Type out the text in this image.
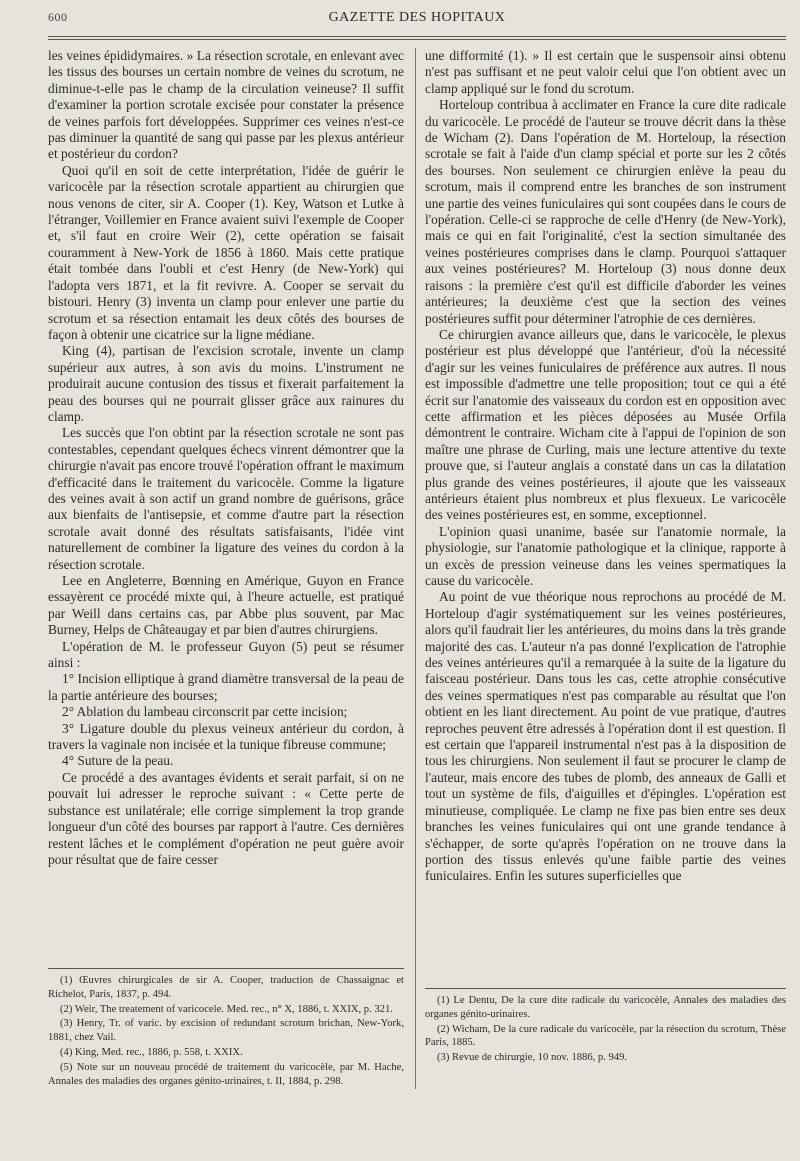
600	GAZETTE DES HOPITAUX

les veines épididymaires. » La résection scrotale, en enlevant avec les tissus des bourses un certain nombre de veines du scrotum, ne diminue-t-elle pas le champ de la circulation veineuse? Il suffit d'examiner la portion scrotale excisée pour constater la présence de veines parfois fort développées. Supprimer ces veines n'est-ce pas diminuer la quantité de sang qui passe par les plexus antérieur et postérieur du cordon?

Quoi qu'il en soit de cette interprétation, l'idée de guérir le varicocèle par la résection scrotale appartient au chirurgien que nous venons de citer, sir A. Cooper (1). Key, Watson et Lutke à l'étranger, Voillemier en France avaient suivi l'exemple de Cooper et, s'il faut en croire Weir (2), cette opération se faisait couramment à New-York de 1856 à 1860. Mais cette pratique était tombée dans l'oubli et c'est Henry (de New-York) qui l'adopta vers 1871, et la fit revivre. A. Cooper se servait du bistouri. Henry (3) inventa un clamp pour enlever une partie du scrotum et sa résection entamait les deux côtés des bourses de façon à obtenir une cicatrice sur la ligne médiane.

King (4), partisan de l'excision scrotale, invente un clamp supérieur aux autres, à son avis du moins. L'instrument ne produirait aucune contusion des tissus et fixerait parfaitement la peau des bourses qui ne pourrait glisser grâce aux rainures du clamp.

Les succès que l'on obtint par la résection scrotale ne sont pas contestables, cependant quelques échecs vinrent démontrer que la chirurgie n'avait pas encore trouvé l'opération offrant le maximum d'efficacité dans le traitement du varicocèle. Comme la ligature des veines avait à son actif un grand nombre de guérisons, grâce aux bienfaits de l'antisepsie, et comme d'autre part la résection scrotale avait donné des résultats satisfaisants, l'idée vint naturellement de combiner la ligature des veines du cordon à la résection scrotale.

Lee en Angleterre, Bœnning en Amérique, Guyon en France essayèrent ce procédé mixte qui, à l'heure actuelle, est pratiqué par Weill dans certains cas, par Abbe plus souvent, par Mac Burney, Helps de Châteaugay et par bien d'autres chirurgiens.

L'opération de M. le professeur Guyon (5) peut se résumer ainsi :

1° Incision elliptique à grand diamètre transversal de la peau de la partie antérieure des bourses;

2° Ablation du lambeau circonscrit par cette incision;

3° Ligature double du plexus veineux antérieur du cordon, à travers la vaginale non incisée et la tunique fibreuse commune;

4° Suture de la peau.

Ce procédé a des avantages évidents et serait parfait, si on ne pouvait lui adresser le reproche suivant : « Cette perte de substance est unilatérale; elle corrige simplement la trop grande longueur d'un côté des bourses par rapport à l'autre. Ces dernières restent lâches et le complément d'opération ne peut guère avoir pour résultat que de faire cesser

(1) Œuvres chirurgicales de sir A. Cooper, traduction de Chassaignac et Richelot, Paris, 1837, p. 494.
(2) Weir, The treatement of varicocele. Med. rec., n° X, 1886, t. XXIX, p. 321.
(3) Henry, Tr. of varic. by excision of redundant scrotum brichan, New-York, 1881, chez Vail.
(4) King, Med. rec., 1886, p. 558, t. XXIX.
(5) Note sur un nouveau procédé de traitement du varicocèle, par M. Hache, Annales des maladies des organes génito-urinaires, t. II, 1884, p. 298.

une difformité (1). » Il est certain que le suspensoir ainsi obtenu n'est pas suffisant et ne peut valoir celui que l'on obtient avec un clamp appliqué sur le fond du scrotum.

Horteloup contribua à acclimater en France la cure dite radicale du varicocèle. Le procédé de l'auteur se trouve décrit dans la thèse de Wicham (2). Dans l'opération de M. Horteloup, la résection scrotale se fait à l'aide d'un clamp spécial et porte sur les 2 côtés des bourses. Non seulement ce chirurgien enlève la peau du scrotum, mais il comprend entre les branches de son instrument une partie des veines funiculaires qui sont coupées dans le cours de l'opération. Celle-ci se rapproche de celle d'Henry (de New-York), mais ce qui en fait l'originalité, c'est la section simultanée des veines postérieures comprises dans le clamp. Pourquoi s'attaquer aux veines postérieures? M. Horteloup (3) nous donne deux raisons : la première c'est qu'il est difficile d'aborder les veines antérieures; la deuxième c'est que la section des veines postérieures suffit pour déterminer l'atrophie de ces dernières.

Ce chirurgien avance ailleurs que, dans le varicocèle, le plexus postérieur est plus développé que l'antérieur, d'où la nécessité d'agir sur les veines funiculaires de préférence aux autres. Il nous est impossible d'admettre une telle proposition; tout ce qui a été écrit sur l'anatomie des vaisseaux du cordon est en opposition avec cette affirmation et les pièces déposées au Musée Orfila démontrent le contraire. Wicham cite à l'appui de l'opinion de son maître une phrase de Curling, mais une lecture attentive du texte prouve que, si l'auteur anglais a constaté dans un cas la dilatation plus grande des veines postérieures, il ajoute que les vaisseaux antérieurs étaient plus nombreux et plus flexueux. Le varicocèle des veines postérieures est, en somme, exceptionnel.

L'opinion quasi unanime, basée sur l'anatomie normale, la physiologie, sur l'anatomie pathologique et la clinique, rapporte à un excès de pression veineuse dans les veines spermatiques la cause du varicocèle.

Au point de vue théorique nous reprochons au procédé de M. Horteloup d'agir systématiquement sur les veines postérieures, alors qu'il faudrait lier les antérieures, du moins dans la très grande majorité des cas. L'auteur n'a pas donné l'explication de l'atrophie des veines antérieures qu'il a remarquée à la suite de la ligature du faisceau postérieur. Dans tous les cas, cette atrophie consécutive des veines spermatiques n'est pas comparable au résultat que l'on obtient en les liant directement. Au point de vue pratique, d'autres reproches peuvent être adressés à l'opération dont il est question. Il est certain que l'appareil instrumental n'est pas à la disposition de tous les chirurgiens. Non seulement il faut se procurer le clamp de l'auteur, mais encore des tubes de plomb, des anneaux de Galli et tout un système de fils, d'aiguilles et d'épingles. L'opération est minutieuse, compliquée. Le clamp ne fixe pas bien entre ses deux branches les veines funiculaires qui ont une grande tendance à s'échapper, de sorte qu'après l'opération on ne trouve dans la portion des tissus enlevés qu'une faible partie des veines funiculaires. Enfin les sutures superficielles que

(1) Le Dentu, De la cure dite radicale du varicocèle, Annales des maladies des organes génito-urinaires.
(2) Wicham, De la cure radicale du varicocèle, par la résection du scrotum, Thèse Paris, 1885.
(3) Revue de chirurgie, 10 nov. 1886, p. 949.
